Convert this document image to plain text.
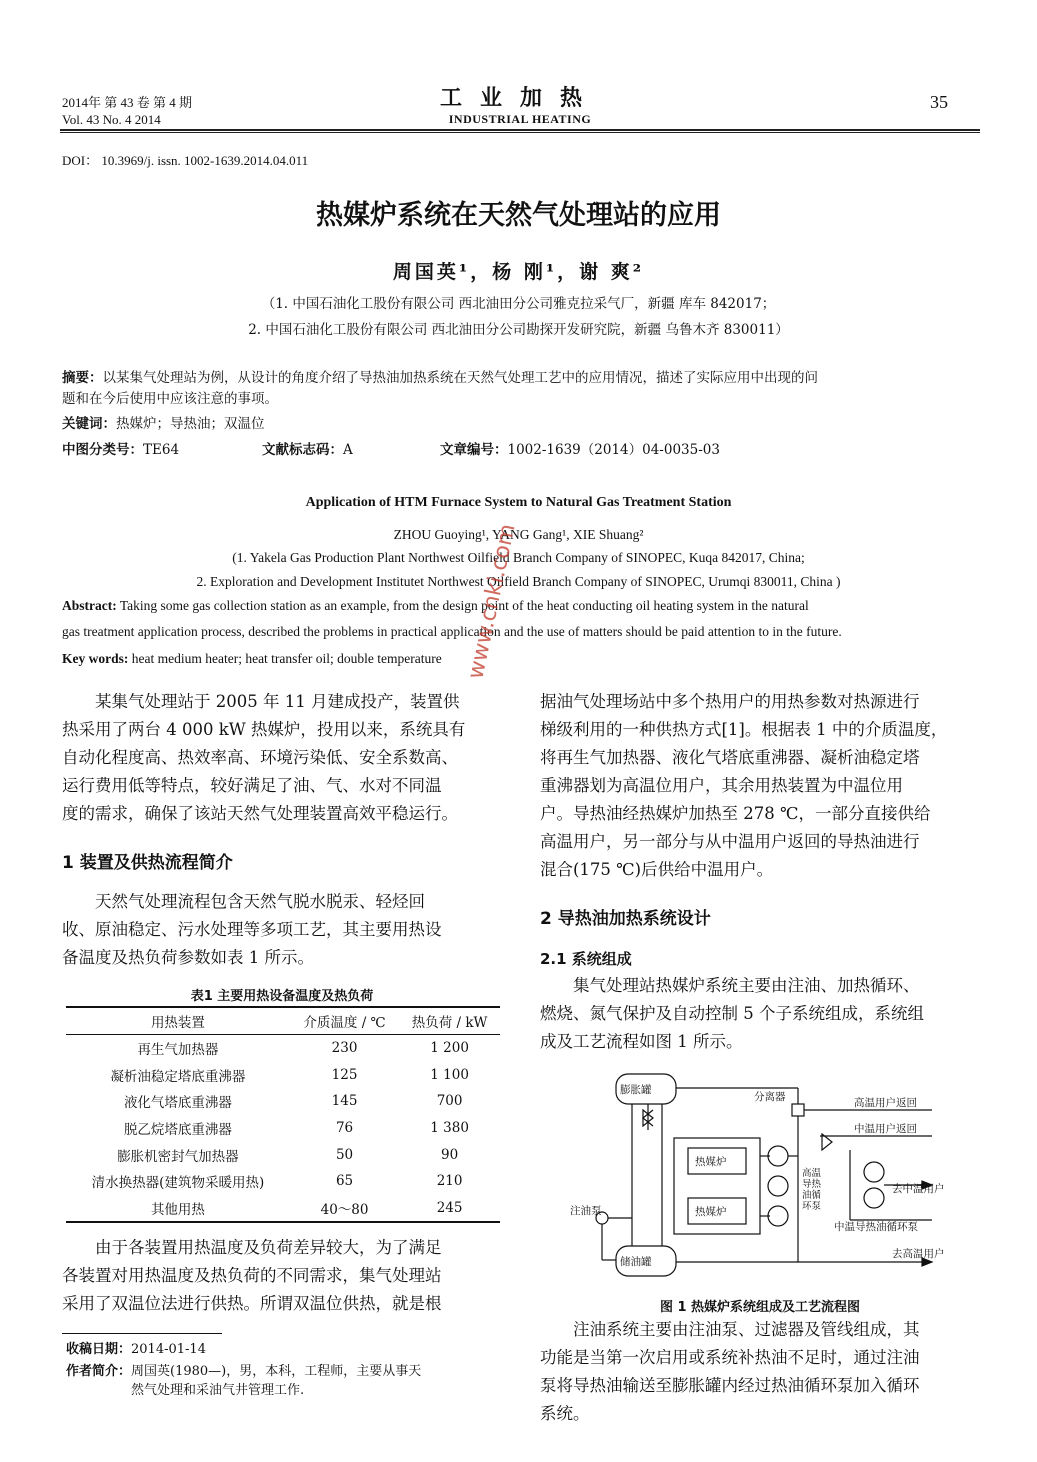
2014年 第 43 卷 第 4 期
Vol. 43 No. 4 2014
工业加热
INDUSTRIAL HEATING
35
DOI： 10.3969/j. issn. 1002-1639.2014.04.011
热媒炉系统在天然气处理站的应用
周国英¹，杨 刚¹，谢 爽²
（1. 中国石油化工股份有限公司 西北油田分公司雅克拉采气厂，新疆 库车 842017；
2. 中国石油化工股份有限公司 西北油田分公司勘探开发研究院，新疆 乌鲁木齐 830011）
摘要：以某集气处理站为例，从设计的角度介绍了导热油加热系统在天然气处理工艺中的应用情况，描述了实际应用中出现的问
题和在今后使用中应该注意的事项。
关键词：热媒炉；导热油；双温位
中图分类号：TE64	文献标志码：A	文章编号：1002-1639（2014）04-0035-03
Application of HTM Furnace System to Natural Gas Treatment Station
ZHOU Guoying¹, YANG Gang¹, XIE Shuang²
(1. Yakela Gas Production Plant Northwest Oilfield Branch Company of SINOPEC, Kuqa 842017, China;
2. Exploration and Development Institutet Northwest Oilfield Branch Company of SINOPEC, Urumqi 830011, China )
Abstract: Taking some gas collection station as an example, from the design point of the heat conducting oil heating system in the natural
gas treatment application process, described the problems in practical application and the use of matters should be paid attention to in the future.
Key words: heat medium heater; heat transfer oil; double temperature www.cnki.com
某集气处理站于 2005 年 11 月建成投产，装置供
热采用了两台 4 000 kW 热媒炉，投用以来，系统具有
自动化程度高、热效率高、环境污染低、安全系数高、
运行费用低等特点，较好满足了油、气、水对不同温
度的需求，确保了该站天然气处理装置高效平稳运行。
1 装置及供热流程简介
天然气处理流程包含天然气脱水脱汞、轻烃回
收、原油稳定、污水处理等多项工艺，其主要用热设
备温度及热负荷参数如表 1 所示。
表1 主要用热设备温度及热负荷
用热装置	介质温度 / ℃	热负荷 / kW
再生气加热器	230	1 200
凝析油稳定塔底重沸器	125	1 100
液化气塔底重沸器	145	700
脱乙烷塔底重沸器	76	1 380
膨胀机密封气加热器	50	90
清水换热器(建筑物采暖用热)	65	210
其他用热	40～80	245
由于各装置用热温度及负荷差异较大，为了满足
各装置对用热温度及热负荷的不同需求，集气处理站
采用了双温位法进行供热。所谓双温位供热，就是根
收稿日期：2014-01-14
作者简介：周国英(1980—)，男，本科，工程师，主要从事天
然气处理和采油气井管理工作.
据油气处理场站中多个热用户的用热参数对热源进行
梯级利用的一种供热方式[1]。根据表 1 中的介质温度，
将再生气加热器、液化气塔底重沸器、凝析油稳定塔
重沸器划为高温位用户，其余用热装置为中温位用
户。导热油经热媒炉加热至 278 ℃，一部分直接供给
高温用户，另一部分与从中温用户返回的导热油进行
混合(175 ℃)后供给中温用户。
2 导热油加热系统设计
2.1 系统组成
集气处理站热媒炉系统主要由注油、加热循环、
燃烧、氮气保护及自动控制 5 个子系统组成，系统组
成及工艺流程如图 1 所示。
膨胀罐
分离器	高温用户返回
中温用户返回
热媒炉
热媒炉
去中温用户
注油泵
中温导热油循环泵
储油罐
去高温用户
高温导热油循环泵
图 1 热媒炉系统组成及工艺流程图
注油系统主要由注油泵、过滤器及管线组成，其
功能是当第一次启用或系统补热油不足时，通过注油
泵将导热油输送至膨胀罐内经过热油循环泵加入循环
系统。
